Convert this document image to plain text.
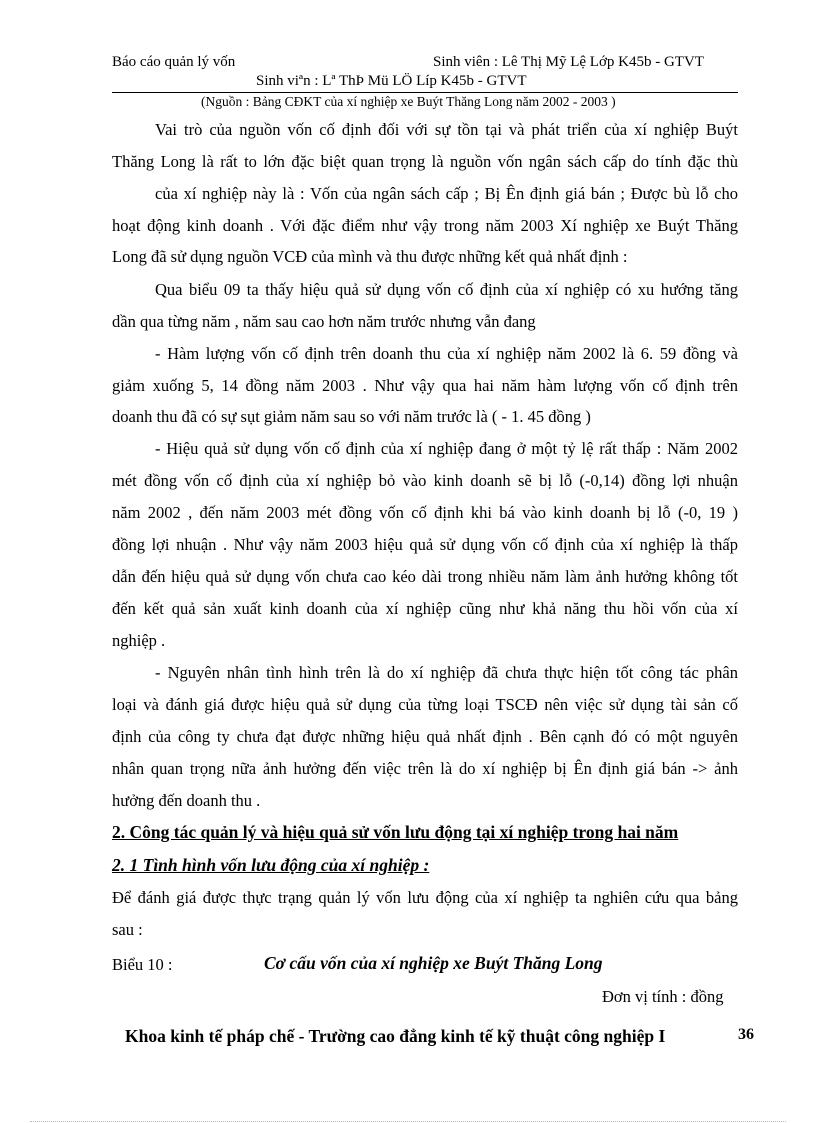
Báo cáo quản lý vốn	Sinh viên : Lê Thị Mỹ Lệ Lớp K45b - GTVT
Sinh viªn : Lª ThÞ Mü LÖ Líp K45b - GTVT
(Nguồn : Bảng CĐKT của xí nghiệp xe Buýt Thăng Long năm 2002 - 2003 )
Vai trò của nguồn vốn cố định đối với sự tồn tại và phát triển của xí nghiệp Buýt
Thăng Long là rất to lớn đặc biệt quan trọng là nguồn vốn ngân sách cấp do tính đặc thù
của xí nghiệp này là : Vốn của ngân sách cấp ; Bị Ên định giá bán ; Được bù lỗ cho
hoạt động kinh doanh . Với đặc điểm như vậy trong năm 2003 Xí nghiệp xe Buýt Thăng
Long đã sử dụng nguồn VCĐ của mình và thu được những kết quả nhất định :
Qua biểu 09 ta thấy hiệu quả sử dụng vốn cố định của xí nghiệp có xu hướng tăng
dần qua từng năm , năm sau cao hơn năm trước nhưng vẫn đang
- Hàm lượng vốn cố định trên doanh thu của xí nghiệp năm 2002 là 6. 59 đồng và
giảm xuống 5, 14 đồng năm 2003 . Như vậy qua hai năm hàm lượng vốn cố định trên
doanh thu đã có sự sụt giảm năm sau so với năm trước là ( - 1. 45 đồng )
- Hiệu quả sử dụng vốn cố định của xí nghiệp đang ở một tỷ lệ rất thấp : Năm 2002
mét đồng vốn cố định của xí nghiệp bỏ vào kinh doanh sẽ bị lỗ (-0,14) đồng lợi nhuận
năm 2002 , đến năm 2003 mét đồng vốn cố định khi bá vào kinh doanh bị lỗ (-0, 19 )
đồng lợi nhuận . Như vậy năm 2003 hiệu quả sử dụng vốn cố định của xí nghiệp là thấp
dẫn đến hiệu quả sử dụng vốn chưa cao kéo dài trong nhiều năm làm ảnh hưởng không tốt
đến kết quả sản xuất kinh doanh của xí nghiệp cũng như khả năng thu hồi vốn của xí
nghiệp .
- Nguyên nhân tình hình trên là do xí nghiệp đã chưa thực hiện tốt công tác phân
loại và đánh giá được hiệu quả sử dụng của từng loại TSCĐ nên việc sử dụng tài sản cố
định của công ty chưa đạt được những hiệu quả nhất định . Bên cạnh đó có một nguyên
nhân quan trọng nữa ảnh hưởng đến việc trên là do xí nghiệp bị Ên định giá bán -> ảnh
hưởng đến doanh thu .
2. Công tác quản lý và hiệu quả sử vốn lưu động tại xí nghiệp trong hai năm
2. 1 Tình hình vốn lưu động của xí nghiệp :
Để đánh giá được thực trạng quản lý vốn lưu động của xí nghiệp ta nghiên cứu qua bảng
sau :
Biểu 10 :	Cơ cấu vốn của xí nghiệp xe Buýt Thăng Long
Đơn vị tính : đồng
Khoa kinh tế pháp chế - Trường cao đẳng kinh tế kỹ thuật công nghiệp I	36
